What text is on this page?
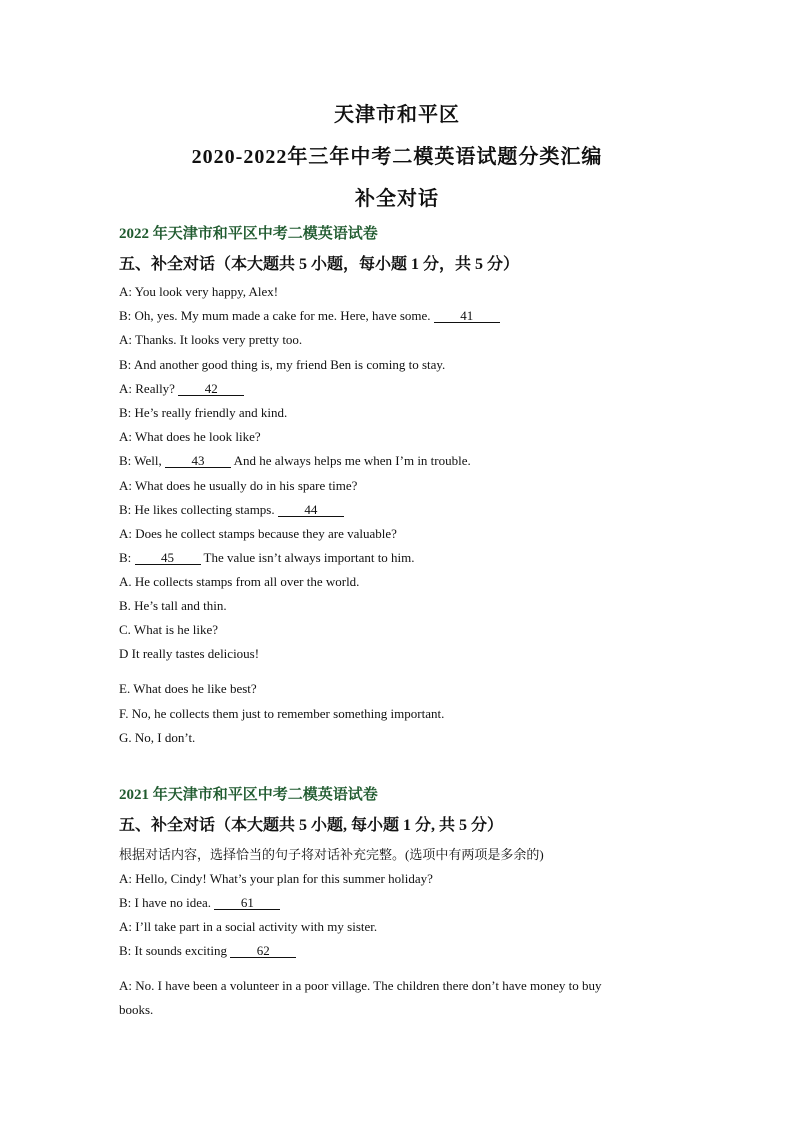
天津市和平区
2020-2022年三年中考二模英语试题分类汇编
补全对话
2022 年天津市和平区中考二模英语试卷
五、补全对话（本大题共 5 小题，每小题 1 分，共 5 分）
A: You look very happy, Alex!
B: Oh, yes. My mum made a cake for me. Here, have some. 41
A: Thanks. It looks very pretty too.
B: And another good thing is, my friend Ben is coming to stay.
A: Really? 42
B: He’s really friendly and kind.
A: What does he look like?
B: Well, 43 And he always helps me when I’m in trouble.
A: What does he usually do in his spare time?
B: He likes collecting stamps. 44
A: Does he collect stamps because they are valuable?
B: 45 The value isn’t always important to him.
A. He collects stamps from all over the world.
B. He’s tall and thin.
C. What is he like?
D It really tastes delicious!
E. What does he like best?
F. No, he collects them just to remember something important.
G. No, I don’t.
2021 年天津市和平区中考二模英语试卷
五、补全对话（本大题共 5 小题, 每小题 1 分, 共 5 分）
根据对话内容，选择恰当的句子将对话补充完整。(选项中有两项是多余的)
A: Hello, Cindy! What’s your plan for this summer holiday?
B: I have no idea. 61
A: I’ll take part in a social activity with my sister.
B: It sounds exciting 62
A: No. I have been a volunteer in a poor village. The children there don’t have money to buy
books.
